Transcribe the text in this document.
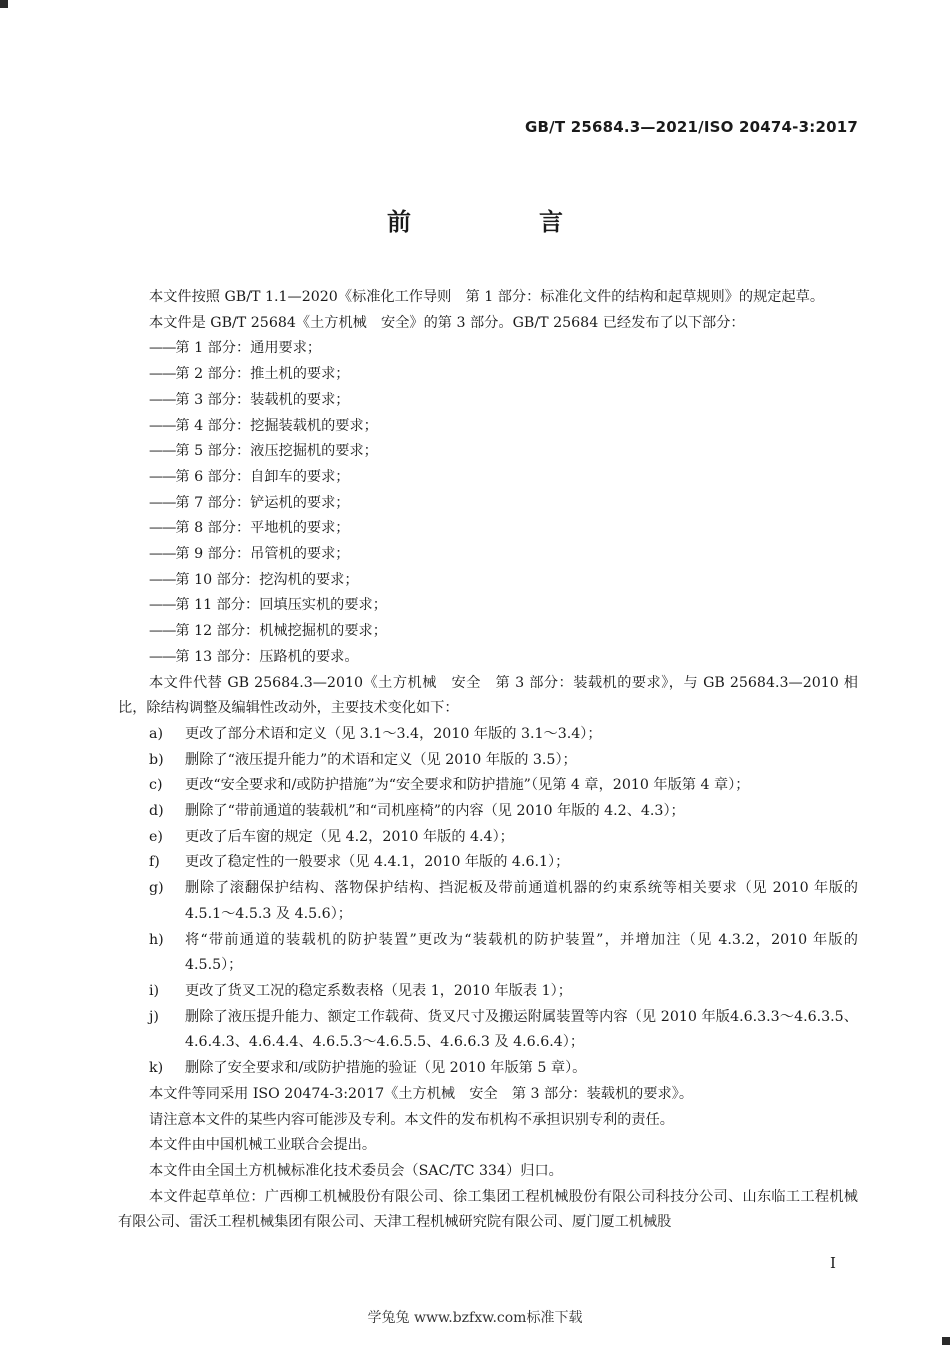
GB/T 25684.3—2021/ISO 20474-3:2017
前　言

本文件按照 GB/T 1.1—2020《标准化工作导则　第 1 部分：标准化文件的结构和起草规则》的规定起草。

本文件是 GB/T 25684《土方机械　安全》的第 3 部分。GB/T 25684 已经发布了以下部分：

——第 1 部分：通用要求；

——第 2 部分：推土机的要求；

——第 3 部分：装载机的要求；

——第 4 部分：挖掘装载机的要求；

——第 5 部分：液压挖掘机的要求；

——第 6 部分：自卸车的要求；

——第 7 部分：铲运机的要求；

——第 8 部分：平地机的要求；

——第 9 部分：吊管机的要求；

——第 10 部分：挖沟机的要求；

——第 11 部分：回填压实机的要求；

——第 12 部分：机械挖掘机的要求；

——第 13 部分：压路机的要求。

本文件代替 GB 25684.3—2010《土方机械　安全　第 3 部分：装载机的要求》，与 GB 25684.3—2010 相比，除结构调整及编辑性改动外，主要技术变化如下：

a)	更改了部分术语和定义（见 3.1～3.4，2010 年版的 3.1～3.4）；
b)	删除了“液压提升能力”的术语和定义（见 2010 年版的 3.5）；
c)	更改“安全要求和/或防护措施”为“安全要求和防护措施”（见第 4 章，2010 年版第 4 章）；
d)	删除了“带前通道的装载机”和“司机座椅”的内容（见 2010 年版的 4.2、4.3）；
e)	更改了后车窗的规定（见 4.2，2010 年版的 4.4）；
f)	更改了稳定性的一般要求（见 4.4.1，2010 年版的 4.6.1）；
g)	删除了滚翻保护结构、落物保护结构、挡泥板及带前通道机器的约束系统等相关要求（见 2010 年版的 4.5.1～4.5.3 及 4.5.6）；
h)	将“带前通道的装载机的防护装置”更改为“装载机的防护装置”，并增加注（见 4.3.2，2010 年版的 4.5.5）；
i)	更改了货叉工况的稳定系数表格（见表 1，2010 年版表 1）；
j)	删除了液压提升能力、额定工作载荷、货叉尺寸及搬运附属装置等内容（见 2010 年版4.6.3.3～4.6.3.5、4.6.4.3、4.6.4.4、4.6.5.3～4.6.5.5、4.6.6.3 及 4.6.6.4）；
k)	删除了安全要求和/或防护措施的验证（见 2010 年版第 5 章）。

本文件等同采用 ISO 20474-3:2017《土方机械　安全　第 3 部分：装载机的要求》。

请注意本文件的某些内容可能涉及专利。本文件的发布机构不承担识别专利的责任。

本文件由中国机械工业联合会提出。

本文件由全国土方机械标准化技术委员会（SAC/TC 334）归口。

本文件起草单位：广西柳工机械股份有限公司、徐工集团工程机械股份有限公司科技分公司、山东临工工程机械有限公司、雷沃工程机械集团有限公司、天津工程机械研究院有限公司、厦门厦工机械股

I
学兔兔 www.bzfxw.com标准下载
